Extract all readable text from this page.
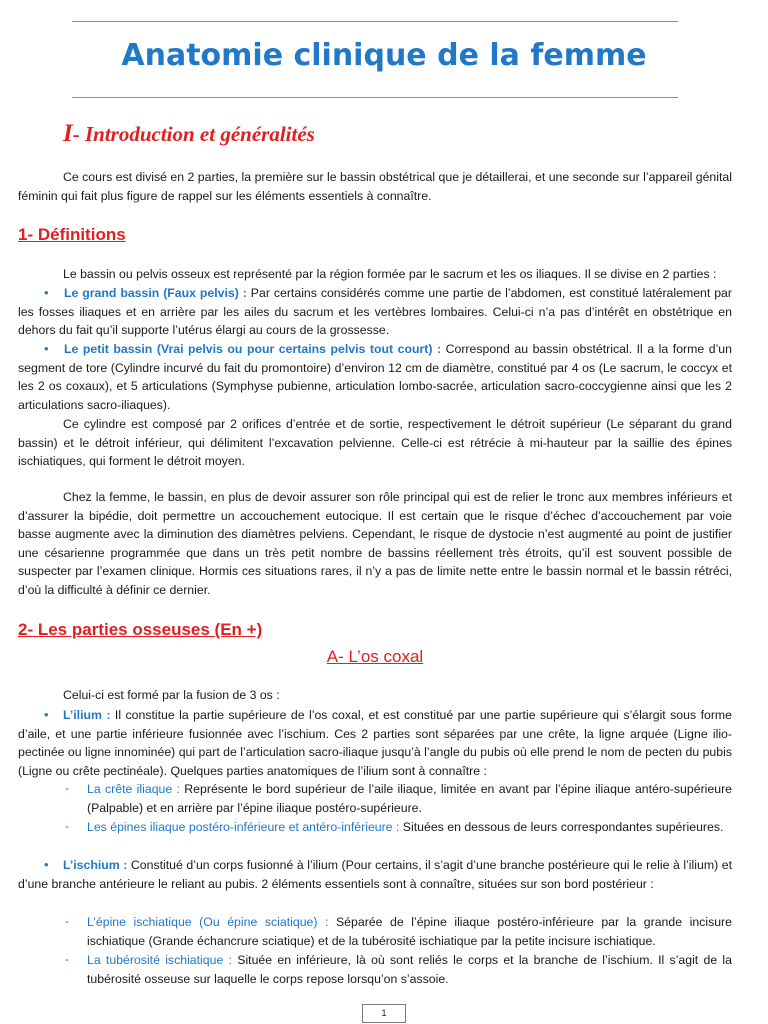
Anatomie clinique de la femme
I- Introduction et généralités

Ce cours est divisé en 2 parties, la première sur le bassin obstétrical que je détaillerai, et une seconde sur l’appareil génital féminin qui fait plus figure de rappel sur les éléments essentiels à connaître.

1- Définitions

Le bassin ou pelvis osseux est représenté par la région formée par le sacrum et les os iliaques. Il se divise en 2 parties :

•	Le grand bassin (Faux pelvis) : Par certains considérés comme une partie de l’abdomen, est constitué latéralement par les fosses iliaques et en arrière par les ailes du sacrum et les vertèbres lombaires. Celui-ci n’a pas d’intérêt en obstétrique en dehors du fait qu’il supporte l’utérus élargi au cours de la grossesse.

•	Le petit bassin (Vrai pelvis ou pour certains pelvis tout court) : Correspond au bassin obstétrical. Il a la forme d’un segment de tore (Cylindre incurvé du fait du promontoire) d’environ 12 cm de diamètre, constitué par 4 os (Le sacrum, le coccyx et les 2 os coxaux), et 5 articulations (Symphyse pubienne, articulation lombo-sacrée, articulation sacro-coccygienne ainsi que les 2 articulations sacro-iliaques).

Ce cylindre est composé par 2 orifices d’entrée et de sortie, respectivement le détroit supérieur (Le séparant du grand bassin) et le détroit inférieur, qui délimitent l’excavation pelvienne. Celle-ci est rétrécie à mi-hauteur par la saillie des épines ischiatiques, qui forment le détroit moyen.

Chez la femme, le bassin, en plus de devoir assurer son rôle principal qui est de relier le tronc aux membres inférieurs et d’assurer la bipédie, doit permettre un accouchement eutocique. Il est certain que le risque d’échec d’accouchement par voie basse augmente avec la diminution des diamètres pelviens. Cependant, le risque de dystocie n’est augmenté au point de justifier une césarienne programmée que dans un très petit nombre de bassins réellement très étroits, qu’il est souvent possible de suspecter par l’examen clinique. Hormis ces situations rares, il n’y a pas de limite nette entre le bassin normal et le bassin rétréci, d’où la difficulté à définir ce dernier.

2- Les parties osseuses (En +)
A- L’os coxal

Celui-ci est formé par la fusion de 3 os :

•	L’ilium : Il constitue la partie supérieure de l’os coxal, et est constitué par une partie supérieure qui s’élargit sous forme d’aile, et une partie inférieure fusionnée avec l’ischium. Ces 2 parties sont séparées par une crête, la ligne arquée (Ligne ilio-pectinée ou ligne innominée) qui part de l’articulation sacro-iliaque jusqu’à l’angle du pubis où elle prend le nom de pecten du pubis (Ligne ou crête pectinéale). Quelques parties anatomiques de l’ilium sont à connaître :

- La crête iliaque : Représente le bord supérieur de l’aile iliaque, limitée en avant par l’épine iliaque antéro-supérieure (Palpable) et en arrière par l’épine iliaque postéro-supérieure.

- Les épines iliaque postéro-inférieure et antéro-inférieure : Situées en dessous de leurs correspondantes supérieures.

•	L’ischium : Constitué d’un corps fusionné à l’ilium (Pour certains, il s’agit d’une branche postérieure qui le relie à l’ilium) et d’une branche antérieure le reliant au pubis. 2 éléments essentiels sont à connaître, situées sur son bord postérieur :

- L’épine ischiatique (Ou épine sciatique) : Séparée de l’épine iliaque postéro-inférieure par la grande incisure ischiatique (Grande échancrure sciatique) et de la tubérosité ischiatique par la petite incisure ischiatique.

- La tubérosité ischiatique : Située en inférieure, là où sont reliés le corps et la branche de l’ischium. Il s’agit de la tubérosité osseuse sur laquelle le corps repose lorsqu’on s’assoie.

1
